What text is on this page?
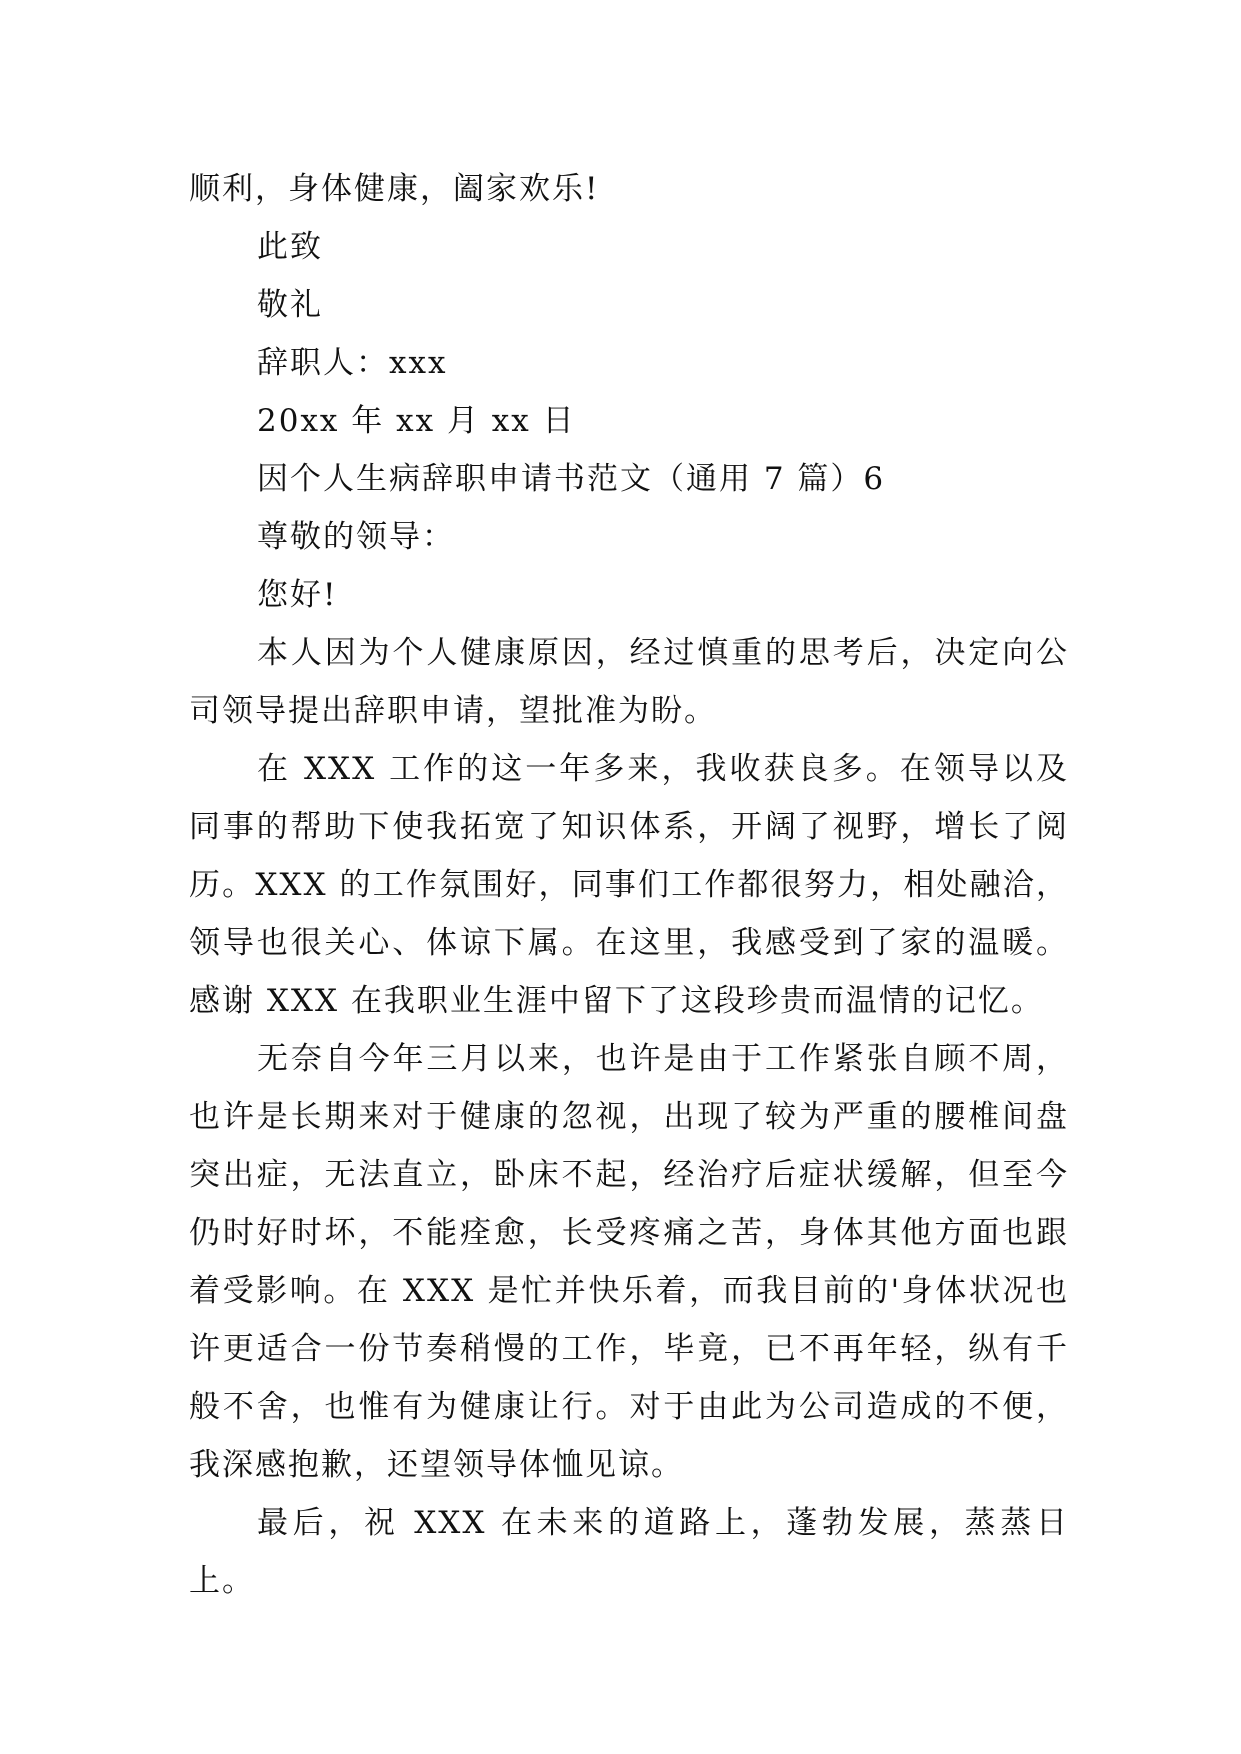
顺利，身体健康，阖家欢乐!

此致

敬礼

辞职人：xxx

20xx 年 xx 月 xx 日

因个人生病辞职申请书范文（通用 7 篇）6

尊敬的领导：

您好!

本人因为个人健康原因，经过慎重的思考后，决定向公司领导提出辞职申请，望批准为盼。

在 XXX 工作的这一年多来，我收获良多。在领导以及同事的帮助下使我拓宽了知识体系，开阔了视野，增长了阅历。XXX 的工作氛围好，同事们工作都很努力，相处融洽，领导也很关心、体谅下属。在这里，我感受到了家的温暖。感谢 XXX 在我职业生涯中留下了这段珍贵而温情的记忆。

无奈自今年三月以来，也许是由于工作紧张自顾不周，也许是长期来对于健康的忽视，出现了较为严重的腰椎间盘突出症，无法直立，卧床不起，经治疗后症状缓解，但至今仍时好时坏，不能痊愈，长受疼痛之苦，身体其他方面也跟着受影响。在 XXX 是忙并快乐着，而我目前的'身体状况也许更适合一份节奏稍慢的工作，毕竟，已不再年轻，纵有千般不舍，也惟有为健康让行。对于由此为公司造成的不便，我深感抱歉，还望领导体恤见谅。

最后，祝 XXX 在未来的道路上，蓬勃发展，蒸蒸日上。
